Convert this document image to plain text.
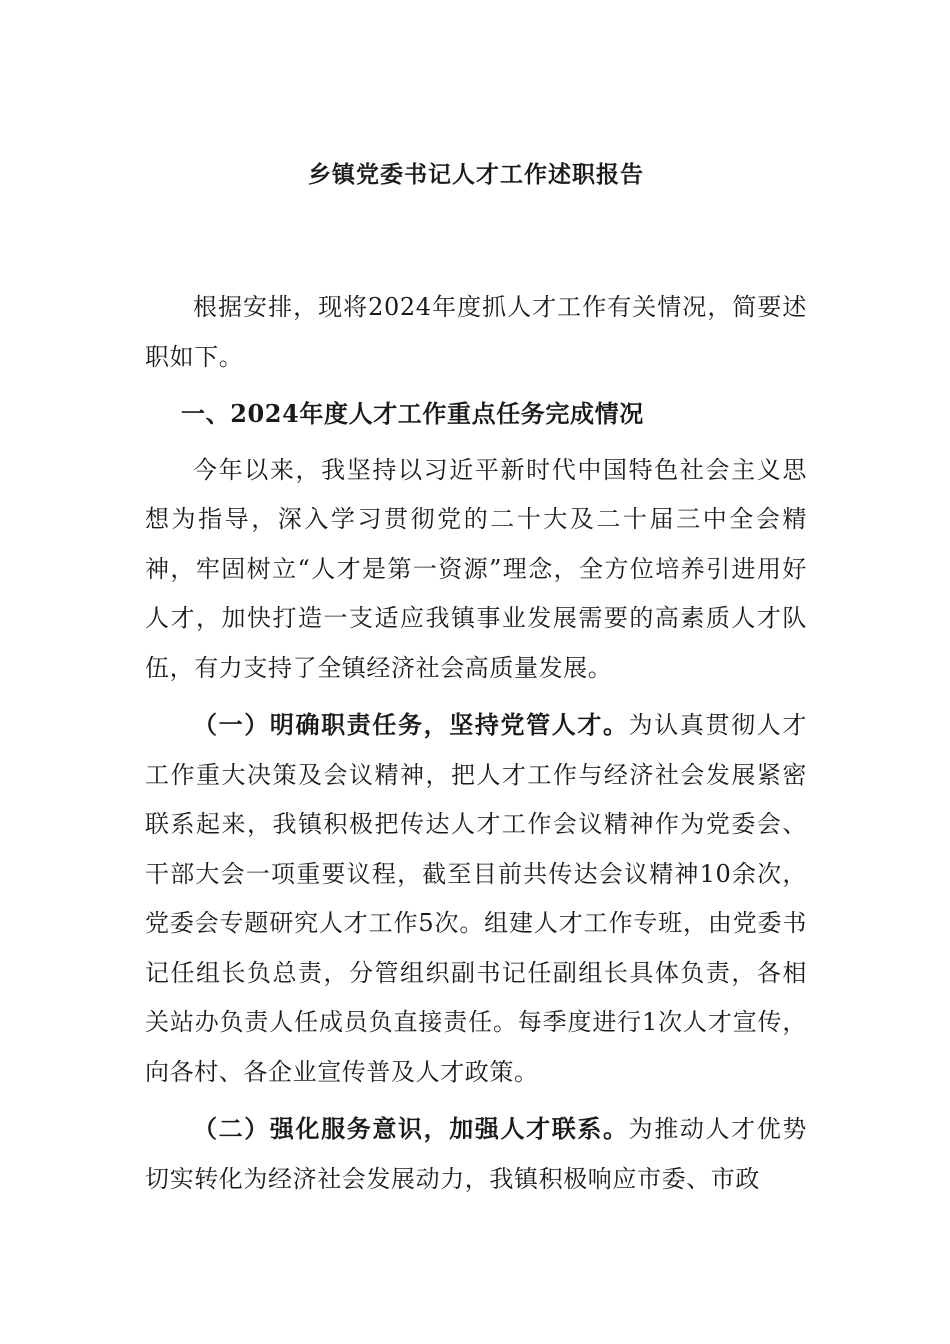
乡镇党委书记人才工作述职报告

根据安排，现将2024年度抓人才工作有关情况，简要述职如下。

一、2024年度人才工作重点任务完成情况

今年以来，我坚持以习近平新时代中国特色社会主义思想为指导，深入学习贯彻党的二十大及二十届三中全会精神，牢固树立“人才是第一资源”理念，全方位培养引进用好人才，加快打造一支适应我镇事业发展需要的高素质人才队伍，有力支持了全镇经济社会高质量发展。

（一）明确职责任务，坚持党管人才。为认真贯彻人才工作重大决策及会议精神，把人才工作与经济社会发展紧密联系起来，我镇积极把传达人才工作会议精神作为党委会、干部大会一项重要议程，截至目前共传达会议精神10余次，党委会专题研究人才工作5次。组建人才工作专班，由党委书记任组长负总责，分管组织副书记任副组长具体负责，各相关站办负责人任成员负直接责任。每季度进行1次人才宣传，向各村、各企业宣传普及人才政策。

（二）强化服务意识，加强人才联系。为推动人才优势切实转化为经济社会发展动力，我镇积极响应市委、市政
